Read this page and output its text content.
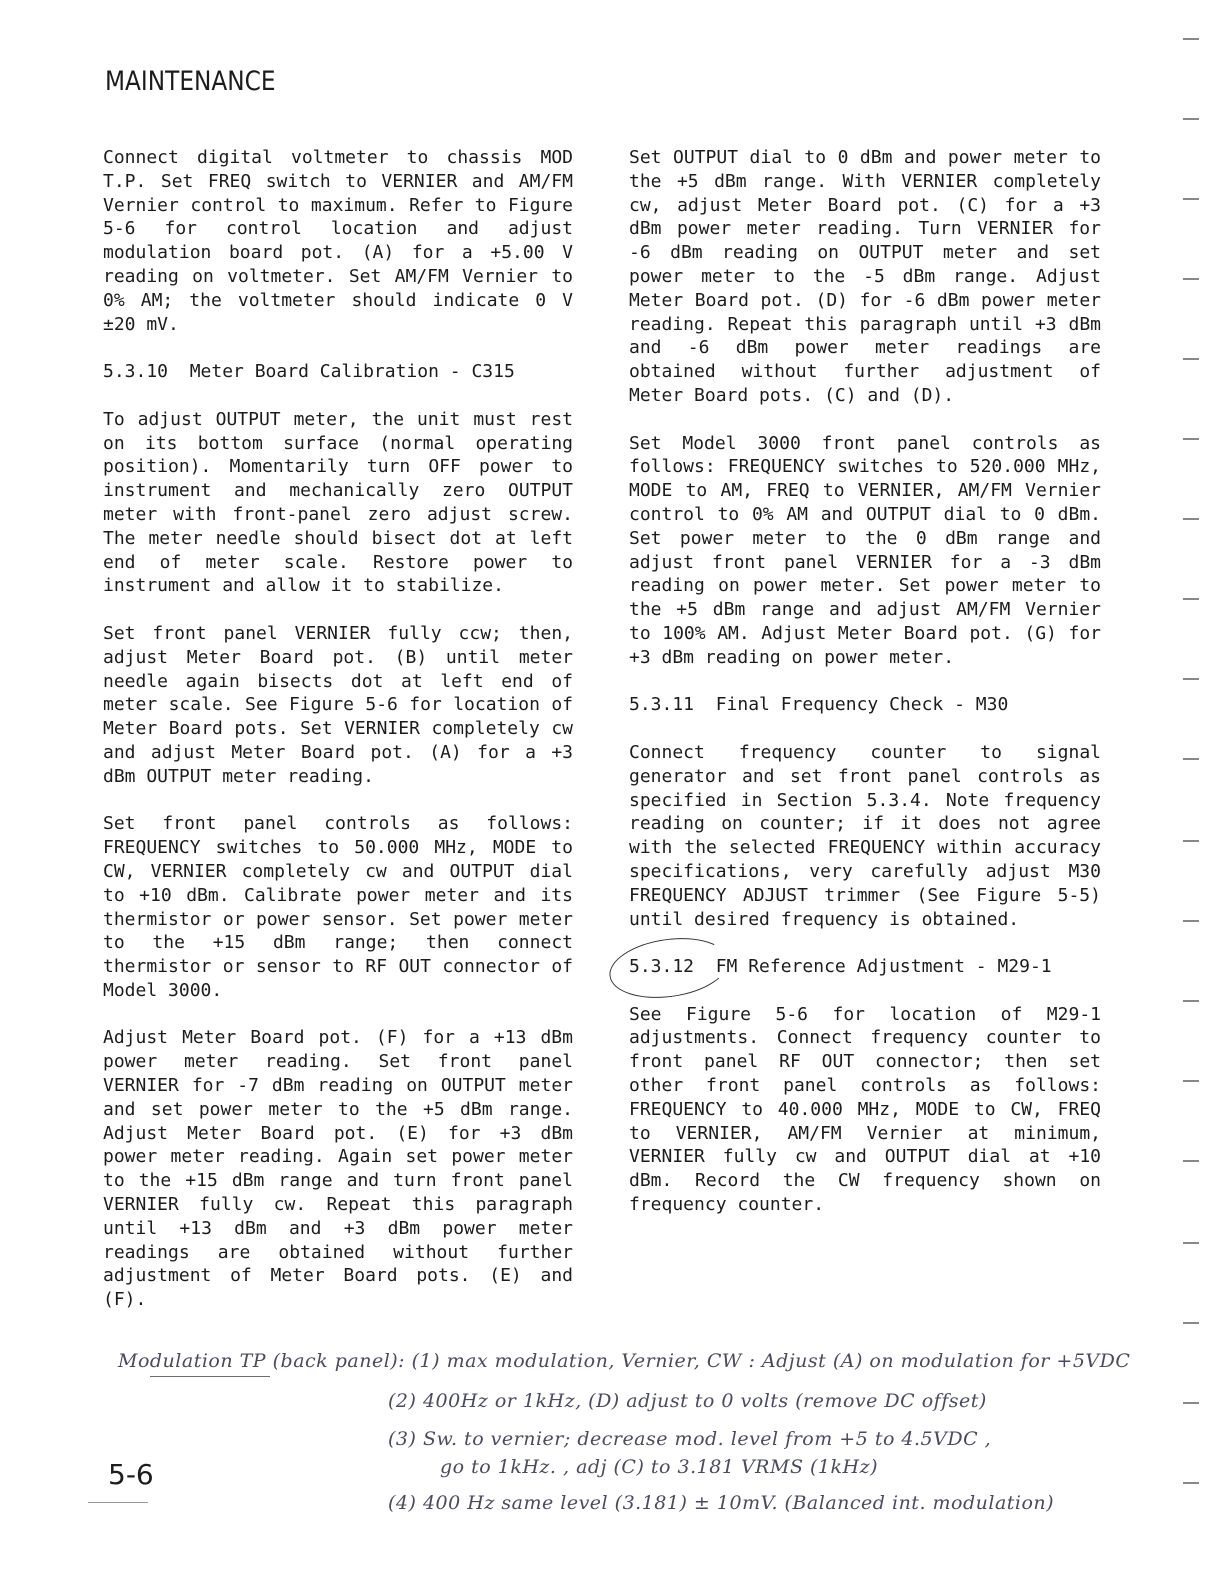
MAINTENANCE

Connect digital voltmeter to chassis MOD T.P. Set FREQ switch to VERNIER and AM/FM Vernier control to maximum. Refer to Figure 5-6 for control location and adjust modulation board pot. (A) for a +5.00 V reading on voltmeter. Set AM/FM Vernier to 0% AM; the voltmeter should indicate 0 V ±20 mV.

5.3.10  Meter Board Calibration - C315

To adjust OUTPUT meter, the unit must rest on its bottom surface (normal operating position). Momentarily turn OFF power to instrument and mechanically zero OUTPUT meter with front-panel zero adjust screw. The meter needle should bisect dot at left end of meter scale. Restore power to instrument and allow it to stabilize.

Set front panel VERNIER fully ccw; then, adjust Meter Board pot. (B) until meter needle again bisects dot at left end of meter scale. See Figure 5-6 for location of Meter Board pots. Set VERNIER completely cw and adjust Meter Board pot. (A) for a +3 dBm OUTPUT meter reading.

Set front panel controls as follows: FREQUENCY switches to 50.000 MHz, MODE to CW, VERNIER completely cw and OUTPUT dial to +10 dBm. Calibrate power meter and its thermistor or power sensor. Set power meter to the +15 dBm range; then connect thermistor or sensor to RF OUT connector of Model 3000.

Adjust Meter Board pot. (F) for a +13 dBm power meter reading. Set front panel VERNIER for -7 dBm reading on OUTPUT meter and set power meter to the +5 dBm range. Adjust Meter Board pot. (E) for +3 dBm power meter reading. Again set power meter to the +15 dBm range and turn front panel VERNIER fully cw. Repeat this paragraph until +13 dBm and +3 dBm power meter readings are obtained without further adjustment of Meter Board pots. (E) and (F).

Set OUTPUT dial to 0 dBm and power meter to the +5 dBm range. With VERNIER completely cw, adjust Meter Board pot. (C) for a +3 dBm power meter reading. Turn VERNIER for -6 dBm reading on OUTPUT meter and set power meter to the -5 dBm range. Adjust Meter Board pot. (D) for -6 dBm power meter reading. Repeat this paragraph until +3 dBm and -6 dBm power meter readings are obtained without further adjustment of Meter Board pots. (C) and (D).

Set Model 3000 front panel controls as follows: FREQUENCY switches to 520.000 MHz, MODE to AM, FREQ to VERNIER, AM/FM Vernier control to 0% AM and OUTPUT dial to 0 dBm. Set power meter to the 0 dBm range and adjust front panel VERNIER for a -3 dBm reading on power meter. Set power meter to the +5 dBm range and adjust AM/FM Vernier to 100% AM. Adjust Meter Board pot. (G) for +3 dBm reading on power meter.

5.3.11  Final Frequency Check - M30

Connect frequency counter to signal generator and set front panel controls as specified in Section 5.3.4. Note frequency reading on counter; if it does not agree with the selected FREQUENCY within accuracy specifications, very carefully adjust M30 FREQUENCY ADJUST trimmer (See Figure 5-5) until desired frequency is obtained.

5.3.12  FM Reference Adjustment - M29-1

See Figure 5-6 for location of M29-1 adjustments. Connect frequency counter to front panel RF OUT connector; then set other front panel controls as follows: FREQUENCY to 40.000 MHz, MODE to CW, FREQ to VERNIER, AM/FM Vernier at minimum, VERNIER fully cw and OUTPUT dial at +10 dBm. Record the CW frequency shown on frequency counter.

Modulation TP (back panel): (1) max modulation, Vernier, CW : Adjust (A) on modulation for +5VDC
(2) 400Hz or 1kHz, (D) adjust to 0 volts (remove DC offset)
(3) Sw. to vernier; decrease mod. level from +5 to 4.5VDC ,
go to 1kHz. , adj (C) to 3.181 VRMS (1kHz)
(4) 400 Hz same level (3.181) ± 10mV. (Balanced int. modulation)
5-6
